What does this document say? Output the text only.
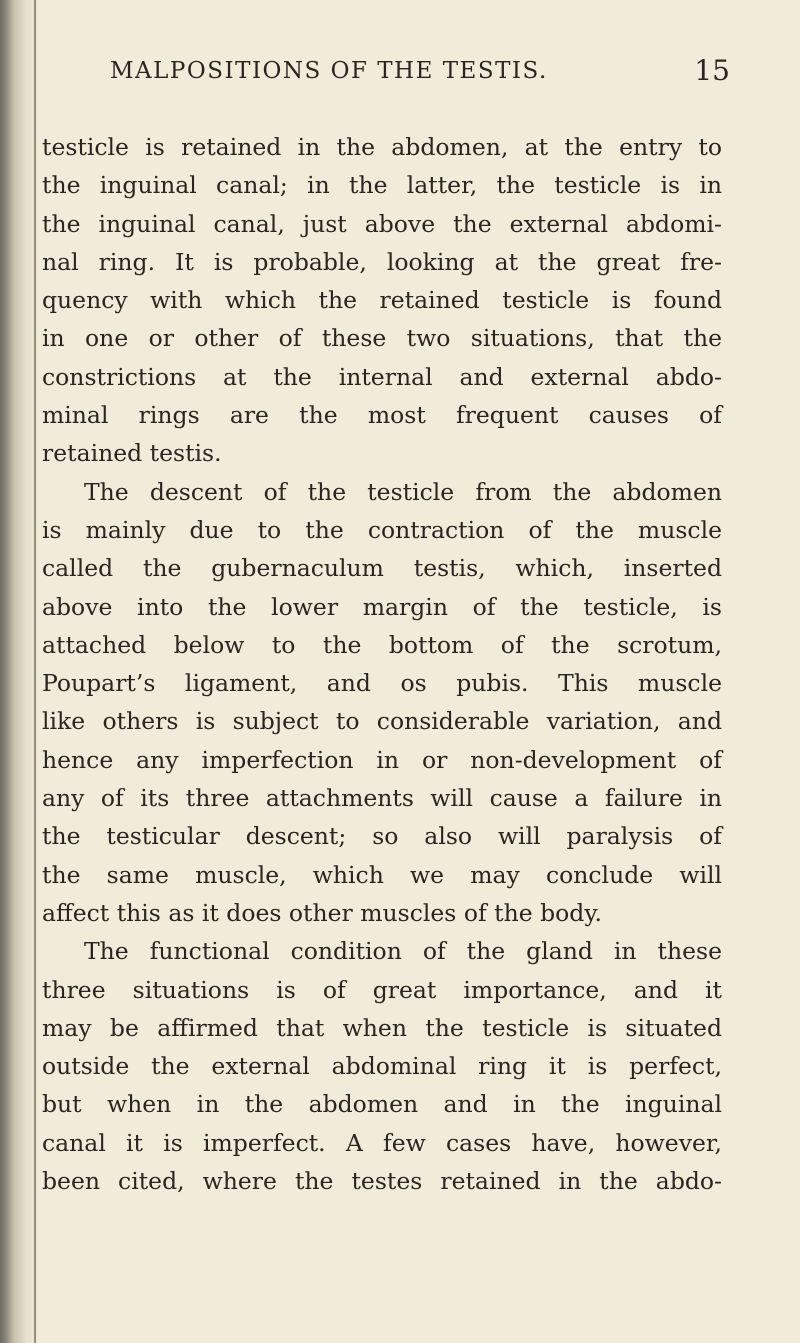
MALPOSITIONS OF THE TESTIS.	15
testicle is retained in the abdomen, at the entry to
the inguinal canal; in the latter, the testicle is in
the inguinal canal, just above the external abdomi-
nal ring. It is probable, looking at the great fre-
quency with which the retained testicle is found
in one or other of these two situations, that the
constrictions at the internal and external abdo-
minal rings are the most frequent causes of
retained testis.
The descent of the testicle from the abdomen
is mainly due to the contraction of the muscle
called the gubernaculum testis, which, inserted
above into the lower margin of the testicle, is
attached below to the bottom of the scrotum,
Poupart’s ligament, and os pubis. This muscle
like others is subject to considerable variation, and
hence any imperfection in or non-development of
any of its three attachments will cause a failure in
the testicular descent; so also will paralysis of
the same muscle, which we may conclude will
affect this as it does other muscles of the body.
The functional condition of the gland in these
three situations is of great importance, and it
may be affirmed that when the testicle is situated
outside the external abdominal ring it is perfect,
but when in the abdomen and in the inguinal
canal it is imperfect. A few cases have, however,
been cited, where the testes retained in the abdo-
